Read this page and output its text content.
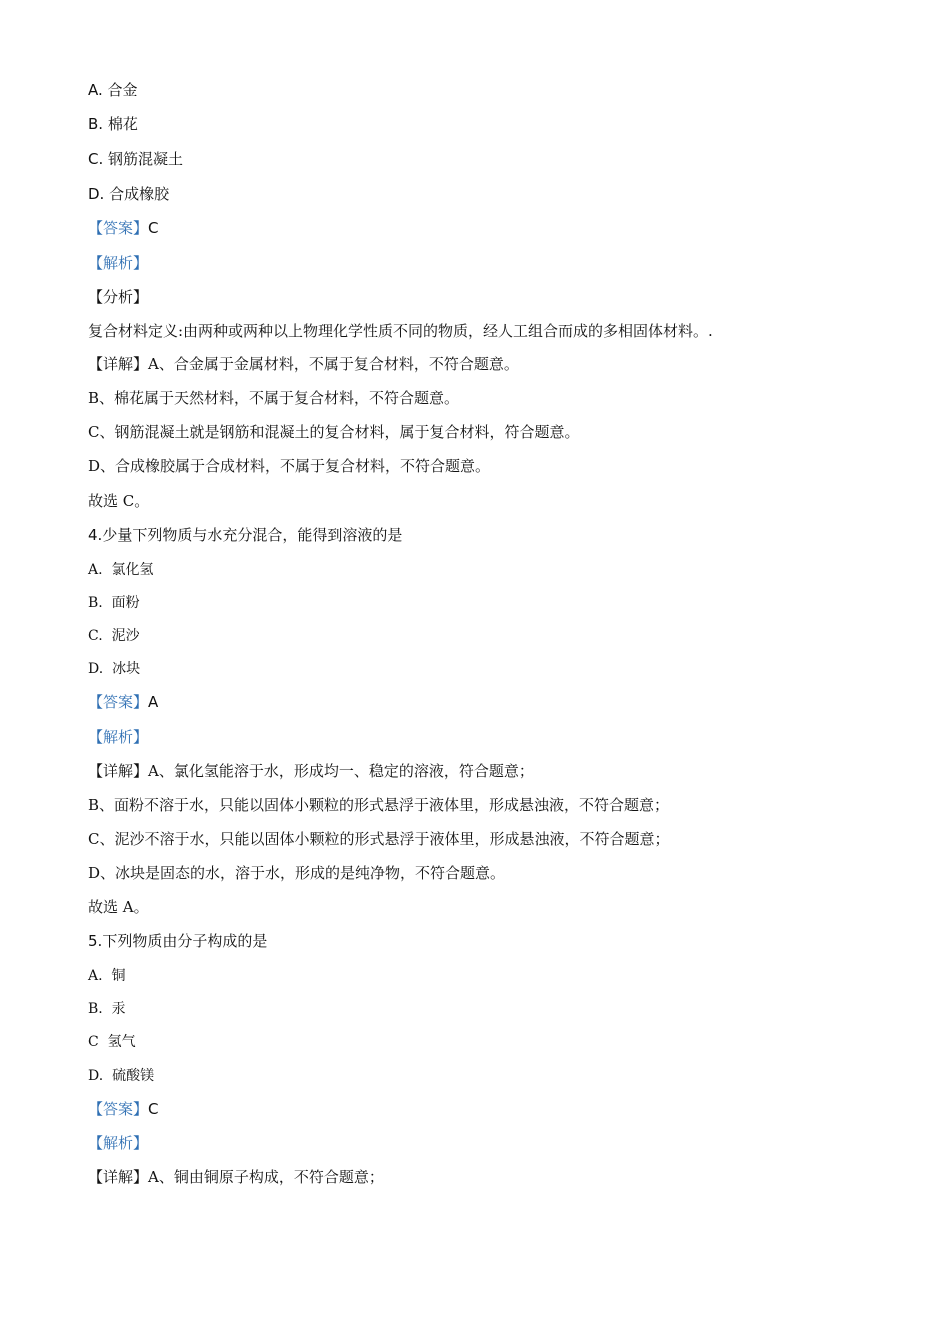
A. 合金
B. 棉花
C. 钢筋混凝土
D. 合成橡胶
【答案】C
【解析】
【分析】
复合材料定义:由两种或两种以上物理化学性质不同的物质，经人工组合而成的多相固体材料。.
【详解】A、合金属于金属材料，不属于复合材料，不符合题意。
B、棉花属于天然材料，不属于复合材料，不符合题意。
C、钢筋混凝土就是钢筋和混凝土的复合材料，属于复合材料，符合题意。
D、合成橡胶属于合成材料，不属于复合材料，不符合题意。
故选 C。
4.少量下列物质与水充分混合，能得到溶液的是
A. 氯化氢
B. 面粉
C. 泥沙
D. 冰块
【答案】A
【解析】
【详解】A、氯化氢能溶于水，形成均一、稳定的溶液，符合题意；
B、面粉不溶于水，只能以固体小颗粒的形式悬浮于液体里，形成悬浊液，不符合题意；
C、泥沙不溶于水，只能以固体小颗粒的形式悬浮于液体里，形成悬浊液，不符合题意；
D、冰块是固态的水，溶于水，形成的是纯净物，不符合题意。
故选 A。
5.下列物质由分子构成的是
A. 铜
B. 汞
C 氢气
D. 硫酸镁
【答案】C
【解析】
【详解】A、铜由铜原子构成，不符合题意；
